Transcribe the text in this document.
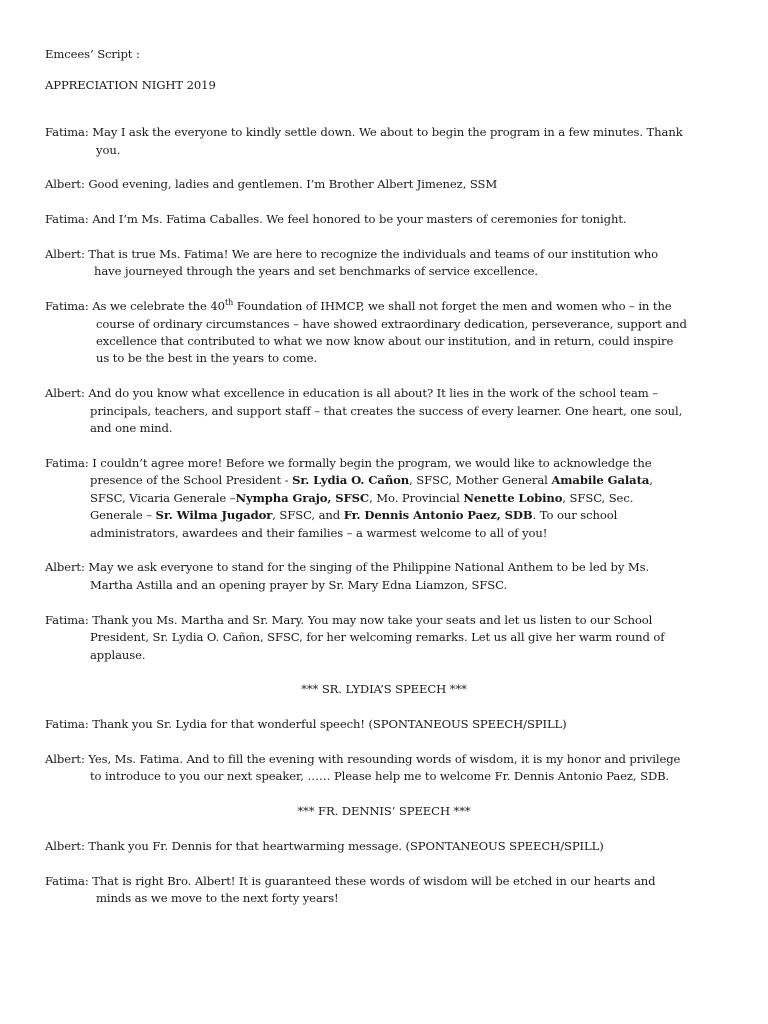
Emcees’ Script :
APPRECIATION NIGHT 2019
Fatima: May I ask the everyone to kindly settle down. We about to begin the program in a few minutes. Thank
you.
Albert: Good evening, ladies and gentlemen. I’m Brother Albert Jimenez, SSM
Fatima: And I’m Ms. Fatima Caballes. We feel honored to be your masters of ceremonies for tonight.
Albert: That is true Ms. Fatima! We are here to recognize the individuals and teams of our institution who
have journeyed through the years and set benchmarks of service excellence.
Fatima: As we celebrate the 40th Foundation of IHMCP, we shall not forget the men and women who – in the
course of ordinary circumstances – have showed extraordinary dedication, perseverance, support and
excellence that contributed to what we now know about our institution, and in return, could inspire
us to be the best in the years to come.
Albert: And do you know what excellence in education is all about? It lies in the work of the school team –
principals, teachers, and support staff – that creates the success of every learner. One heart, one soul,
and one mind.
Fatima: I couldn’t agree more! Before we formally begin the program, we would like to acknowledge the
presence of the School President - Sr. Lydia O. Cañon, SFSC, Mother General Amabile Galata,
SFSC, Vicaria Generale –Nympha Grajo, SFSC, Mo. Provincial Nenette Lobino, SFSC, Sec.
Generale – Sr. Wilma Jugador, SFSC, and Fr. Dennis Antonio Paez, SDB. To our school
administrators, awardees and their families – a warmest welcome to all of you!
Albert: May we ask everyone to stand for the singing of the Philippine National Anthem to be led by Ms.
Martha Astilla and an opening prayer by Sr. Mary Edna Liamzon, SFSC.
Fatima: Thank you Ms. Martha and Sr. Mary. You may now take your seats and let us listen to our School
President, Sr. Lydia O. Cañon, SFSC, for her welcoming remarks. Let us all give her warm round of
applause.
*** SR. LYDIA’S SPEECH ***
Fatima: Thank you Sr. Lydia for that wonderful speech! (SPONTANEOUS SPEECH/SPILL)
Albert: Yes, Ms. Fatima. And to fill the evening with resounding words of wisdom, it is my honor and privilege
to introduce to you our next speaker, …… Please help me to welcome Fr. Dennis Antonio Paez, SDB.
*** FR. DENNIS’ SPEECH ***
Albert: Thank you Fr. Dennis for that heartwarming message. (SPONTANEOUS SPEECH/SPILL)
Fatima: That is right Bro. Albert! It is guaranteed these words of wisdom will be etched in our hearts and
minds as we move to the next forty years!
